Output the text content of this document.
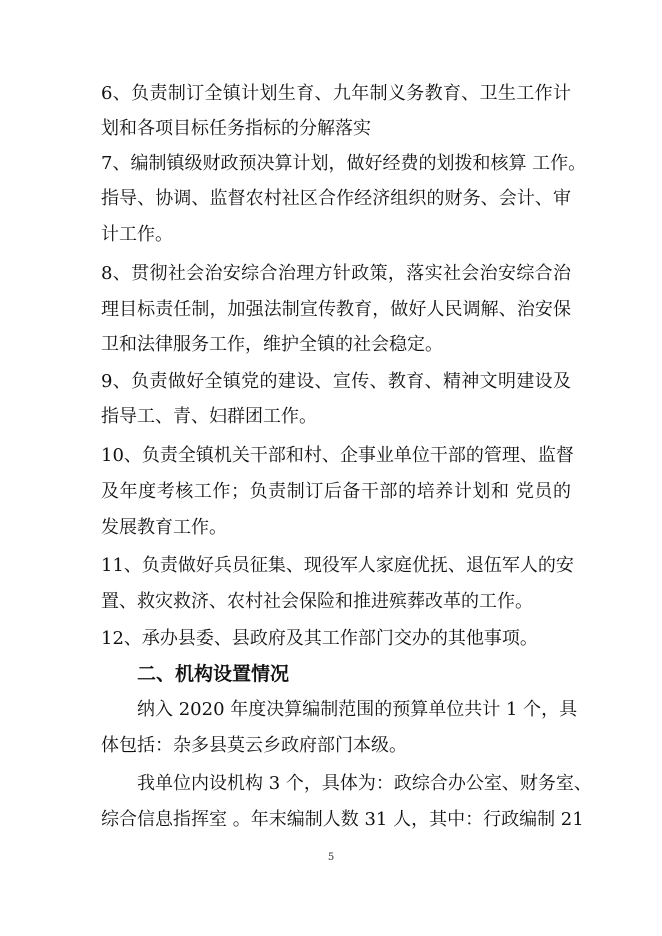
6、负责制订全镇计划生育、九年制义务教育、卫生工作计
划和各项目标任务指标的分解落实
7、编制镇级财政预决算计划，做好经费的划拨和核算 工作。
指导、协调、监督农村社区合作经济组织的财务、会计、审
计工作。
8、贯彻社会治安综合治理方针政策，落实社会治安综合治
理目标责任制，加强法制宣传教育，做好人民调解、治安保
卫和法律服务工作，维护全镇的社会稳定。
9、负责做好全镇党的建设、宣传、教育、精神文明建设及
指导工、青、妇群团工作。
10、负责全镇机关干部和村、企事业单位干部的管理、监督
及年度考核工作；负责制订后备干部的培养计划和 党员的
发展教育工作。
11、负责做好兵员征集、现役军人家庭优抚、退伍军人的安
置、救灾救济、农村社会保险和推进殡葬改革的工作。
12、承办县委、县政府及其工作部门交办的其他事项。
二、机构设置情况
纳入 2020 年度决算编制范围的预算单位共计 1 个，具
体包括：杂多县莫云乡政府部门本级。
我单位内设机构 3 个，具体为：政综合办公室、财务室、
综合信息指挥室 。年末编制人数 31 人，其中：行政编制 21
5
